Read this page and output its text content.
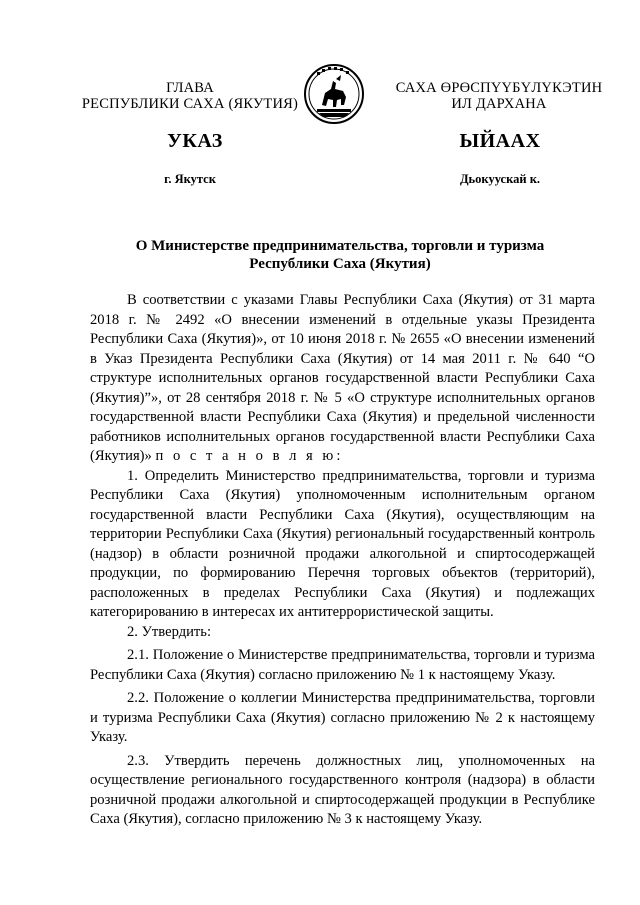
ГЛАВА
РЕСПУБЛИКИ САХА (ЯКУТИЯ)
САХА ӨРӨСПҮҮБҮЛҮКЭТИН
ИЛ ДАРХАНА
УКАЗ	ЫЙААХ
г. Якутск	Дьокуускай к.
О Министерстве предпринимательства, торговли и туризма
Республики Саха (Якутия)

В соответствии с указами Главы Республики Саха (Якутия) от 31 марта 2018 г. № 2492 «О внесении изменений в отдельные указы Президента Республики Саха (Якутия)», от 10 июня 2018 г. № 2655 «О внесении изменений в Указ Президента Республики Саха (Якутия) от 14 мая 2011 г. № 640 “О структуре исполнительных органов государственной власти Республики Саха (Якутия)”», от 28 сентября 2018 г. № 5 «О структуре исполнительных органов государственной власти Республики Саха (Якутия) и предельной численности работников исполнительных органов государственной власти Республики Саха (Якутия)» п о с т а н о в л я ю:

1. Определить Министерство предпринимательства, торговли и туризма Республики Саха (Якутия) уполномоченным исполнительным органом государственной власти Республики Саха (Якутия), осуществляющим на территории Республики Саха (Якутия) региональный государственный контроль (надзор) в области розничной продажи алкогольной и спиртосодержащей продукции, по формированию Перечня торговых объектов (территорий), расположенных в пределах Республики Саха (Якутия) и подлежащих категорированию в интересах их антитеррористической защиты.

2. Утвердить:

2.1. Положение о Министерстве предпринимательства, торговли и туризма Республики Саха (Якутия) согласно приложению № 1 к настоящему Указу.

2.2. Положение о коллегии Министерства предпринимательства, торговли и туризма Республики Саха (Якутия) согласно приложению № 2 к настоящему Указу.

2.3. Утвердить перечень должностных лиц, уполномоченных на осуществление регионального государственного контроля (надзора) в области розничной продажи алкогольной и спиртосодержащей продукции в Республике Саха (Якутия), согласно приложению № 3 к настоящему Указу.
